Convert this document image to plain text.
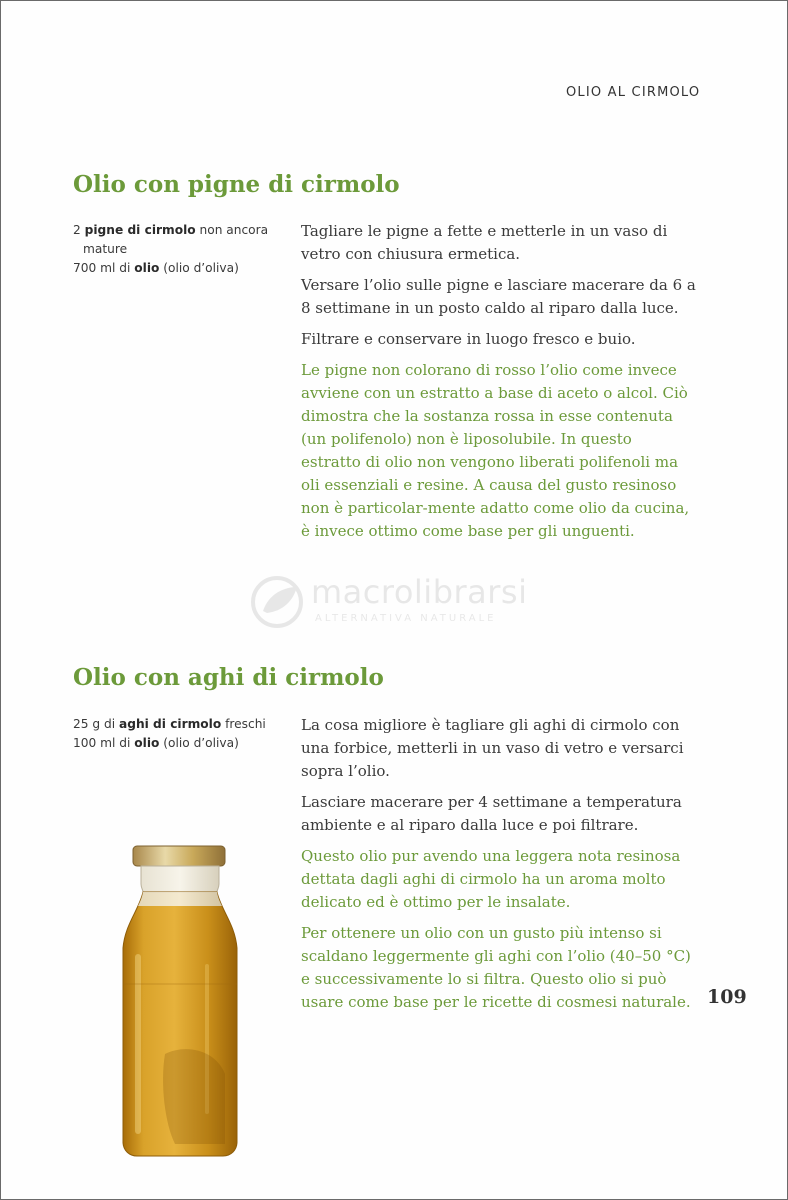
OLIO AL CIRMOLO
Olio con pigne di cirmolo

2 pigne di cirmolo non ancora mature

700 ml di olio (olio d’oliva)

Tagliare le pigne a fette e metterle in un vaso di vetro con chiusura ermetica.

Versare l’olio sulle pigne e lasciare macerare da 6 a 8 settimane in un posto caldo al riparo dalla luce.

Filtrare e conservare in luogo fresco e buio.

Le pigne non colorano di rosso l’olio come invece avviene con un estratto a base di aceto o alcol. Ciò dimostra che la sostanza rossa in esse contenuta (un polifenolo) non è liposolubile. In questo estratto di olio non vengono liberati polifenoli ma oli essenziali e resine. A causa del gusto resinoso non è particolar-mente adatto come olio da cucina, è invece ottimo come base per gli unguenti.

macrolibrarsi
ALTERNATIVA NATURALE
Olio con aghi di cirmolo

25 g di aghi di cirmolo freschi

100 ml di olio (olio d’oliva)

La cosa migliore è tagliare gli aghi di cirmolo con una forbice, metterli in un vaso di vetro e versarci sopra l’olio.

Lasciare macerare per 4 settimane a temperatura ambiente e al riparo dalla luce e poi filtrare.

Questo olio pur avendo una leggera nota resinosa dettata dagli aghi di cirmolo ha un aroma molto delicato ed è ottimo per le insalate.

Per ottenere un olio con un gusto più intenso si scaldano leggermente gli aghi con l’olio (40–50 °C) e successivamente lo si filtra. Questo olio si può usare come base per le ricette di cosmesi naturale. 109
